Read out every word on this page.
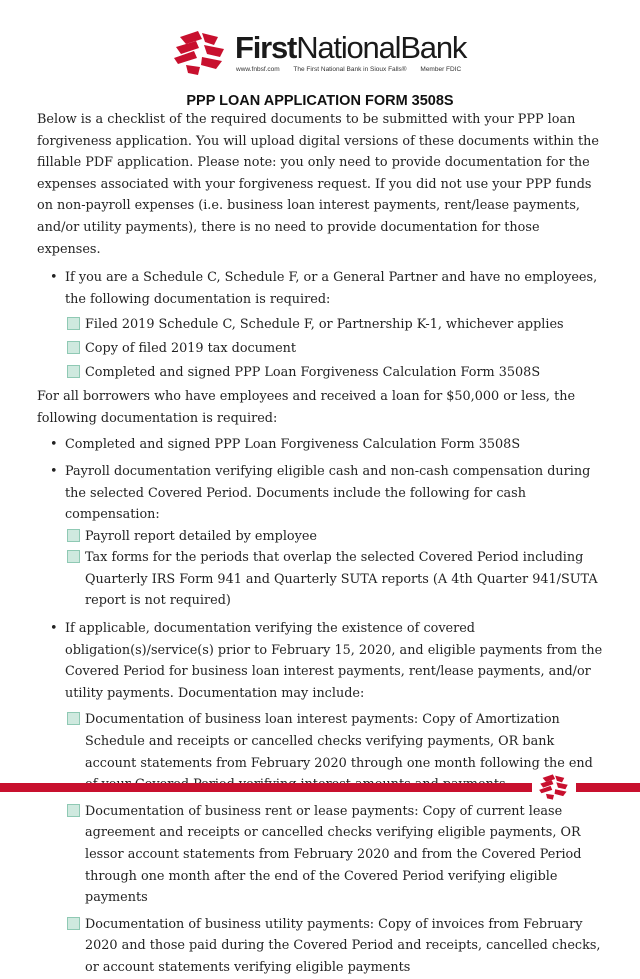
FirstNationalBank
www.fnbsf.com The First National Bank in Sioux Falls® Member FDIC
PPP LOAN APPLICATION FORM 3508S

Below is a checklist of the required documents to be submitted with your PPP loan forgiveness application. You will upload digital versions of these documents within the fillable PDF application. Please note: you only need to provide documentation for the expenses associated with your forgiveness request. If you did not use your PPP funds on non-payroll expenses (i.e. business loan interest payments, rent/lease payments, and/or utility payments), there is no need to provide documentation for those expenses.

• If you are a Schedule C, Schedule F, or a General Partner and have no employees, the following documentation is required:
Filed 2019 Schedule C, Schedule F, or Partnership K-1, whichever applies
Copy of filed 2019 tax document
Completed and signed PPP Loan Forgiveness Calculation Form 3508S

For all borrowers who have employees and received a loan for $50,000 or less, the following documentation is required:

• Completed and signed PPP Loan Forgiveness Calculation Form 3508S
• Payroll documentation verifying eligible cash and non-cash compensation during the selected Covered Period. Documents include the following for cash compensation:
Payroll report detailed by employee
Tax forms for the periods that overlap the selected Covered Period including Quarterly IRS Form 941 and Quarterly SUTA reports (A 4th Quarter 941/SUTA report is not required)
• If applicable, documentation verifying the existence of covered obligation(s)/service(s) prior to February 15, 2020, and eligible payments from the Covered Period for business loan interest payments, rent/lease payments, and/or utility payments. Documentation may include:
Documentation of business loan interest payments: Copy of Amortization Schedule and receipts or cancelled checks verifying payments, OR bank account statements from February 2020 through one month following the end
Documentation of business rent or lease payments: Copy of current lease agreement and receipts or cancelled checks verifying eligible payments, OR lessor account statements from February 2020 and from the Covered Period through one month after the end of the Covered Period verifying eligible payments
Documentation of business utility payments: Copy of invoices from February 2020 and those paid during the Covered Period and receipts, cancelled checks, or account statements verifying eligible payments
